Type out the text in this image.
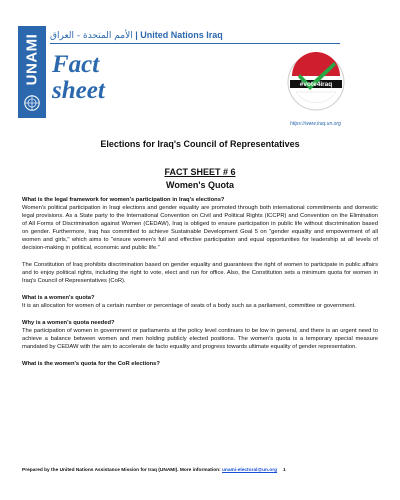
UNAMI الأمم المتحدة - العراق | United Nations Iraq
Fact
sheet	#vote4iraq
https://www.iraq.un.org
Elections for Iraq's Council of Representatives
FACT SHEET # 6
Women's Quota
What is the legal framework for women's participation in Iraq's elections?

Women's political participation in Iraqi elections and gender equality are promoted through both international commitments and domestic legal provisions. As a State party to the International Convention on Civil and Political Rights (ICCPR) and Convention on the Elimination of All Forms of Discrimination against Women (CEDAW), Iraq is obliged to ensure participation in public life without discrimination based on gender. Furthermore, Iraq has committed to achieve Sustainable Development Goal 5 on "gender equality and empowerment of all women and girls," which aims to "ensure women's full and effective participation and equal opportunities for leadership at all levels of decision-making in political, economic and public life."

The Constitution of Iraq prohibits discrimination based on gender equality and guarantees the right of women to participate in public affairs and to enjoy political rights, including the right to vote, elect and run for office. Also, the Constitution sets a minimum quota for women in Iraq's Council of Representatives (CoR).

What is a women's quota?

It is an allocation for women of a certain number or percentage of seats of a body such as a parliament, committee or government.

Why is a women's quota needed?

The participation of women in government or parliaments at the policy level continues to be low in general, and there is an urgent need to achieve a balance between women and men holding publicly elected positions. The women's quota is a temporary special measure mandated by CEDAW with the aim to accelerate de facto equality and progress towards ultimate equality of gender representation.

What is the women's quota for the CoR elections?
Prepared by the United Nations Assistance Mission for Iraq (UNAMI). More information: unami-electoral@un.org 1
